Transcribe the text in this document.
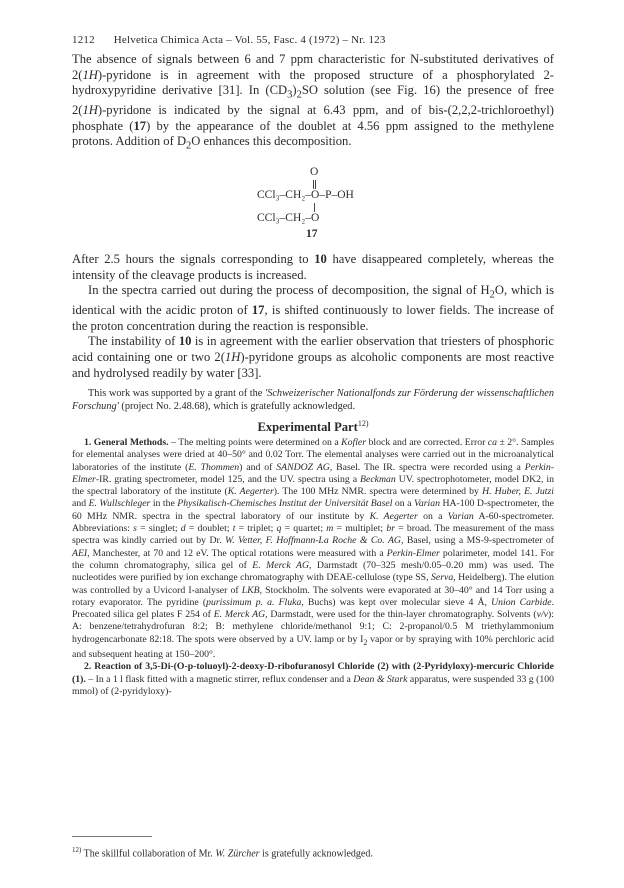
1212 Helvetica Chimica Acta – Vol. 55, Fasc. 4 (1972) – Nr. 123

The absence of signals between 6 and 7 ppm characteristic for N-substituted derivatives of 2(1H)-pyridone is in agreement with the proposed structure of a phosphorylated 2-hydroxypyridine derivative [31]. In $(CD_3)_2SO$ solution (see Fig. 16) the presence of free 2(1H)-pyridone is indicated by the signal at 6.43 ppm, and of bis-(2,2,2-trichloroethyl) phosphate (17) by the appearance of the doublet at 4.56 ppm assigned to the methylene protons. Addition of $D_2O$ enhances this decomposition.

O
CCl₃–CH₂–O–P–OH
CCl₃–CH₂–O
17

After 2.5 hours the signals corresponding to 10 have disappeared completely, whereas the intensity of the cleavage products is increased.

In the spectra carried out during the process of decomposition, the signal of $H_2O$, which is identical with the acidic proton of 17, is shifted continuously to lower fields. The increase of the proton concentration during the reaction is responsible.

The instability of 10 is in agreement with the earlier observation that triesters of phosphoric acid containing one or two 2(1H)-pyridone groups as alcoholic components are most reactive and hydrolysed readily by water [33].

This work was supported by a grant of the 'Schweizerischer Nationalfonds zur Förderung der wissenschaftlichen Forschung' (project No. 2.48.68), which is gratefully acknowledged.

Experimental Part$^{12)}$

1. General Methods. – The melting points were determined on a Kofler block and are corrected. Error ca ± 2°. Samples for elemental analyses were dried at 40–50° and 0.02 Torr. The elemental analyses were carried out in the microanalytical laboratories of the institute (E. Thommen) and of SANDOZ AG, Basel. The IR. spectra were recorded using a Perkin-Elmer-IR. grating spectrometer, model 125, and the UV. spectra using a Beckman UV. spectrophotometer, model DK2, in the spectral laboratory of the institute (K. Aegerter). The 100 MHz NMR. spectra were determined by H. Huber, E. Jutzi and E. Wullschleger in the Physikalisch-Chemisches Institut der Universität Basel on a Varian HA-100 D-spectrometer, the 60 MHz NMR. spectra in the spectral laboratory of our institute by K. Aegerter on a Varian A-60-spectrometer. Abbreviations: s = singlet; d = doublet; t = triplet; q = quartet; m = multiplet; br = broad. The measurement of the mass spectra was kindly carried out by Dr. W. Vetter, F. Hoffmann-La Roche & Co. AG, Basel, using a MS-9-spectrometer of AEI, Manchester, at 70 and 12 eV. The optical rotations were measured with a Perkin-Elmer polarimeter, model 141. For the column chromatography, silica gel of E. Merck AG, Darmstadt (70–325 mesh/0.05–0.20 mm) was used. The nucleotides were purified by ion exchange chromatography with DEAE-cellulose (type SS, Serva, Heidelberg). The elution was controlled by a Uvicord I-analyser of LKB, Stockholm. The solvents were evaporated at 30–40° and 14 Torr using a rotary evaporator. The pyridine (purissimum p. a. Fluka, Buchs) was kept over molecular sieve 4 Å, Union Carbide. Precoated silica gel plates F 254 of E. Merck AG, Darmstadt, were used for the thin-layer chromatography. Solvents (v/v): A: benzene/tetrahydrofuran 8:2; B: methylene chloride/methanol 9:1; C: 2-propanol/0.5 M triethylammonium hydrogencarbonate 82:18. The spots were observed by a UV. lamp or by $I_2$ vapor or by spraying with 10% perchloric acid and subsequent heating at 150–200°.

2. Reaction of 3,5-Di-(O-p-toluoyl)-2-deoxy-D-ribofuranosyl Chloride (2) with (2-Pyridyloxy)-mercuric Chloride (1). – In a 1 l flask fitted with a magnetic stirrer, reflux condenser and a Dean & Stark apparatus, were suspended 33 g (100 mmol) of (2-pyridyloxy)-

$^{12)}$ The skillful collaboration of Mr. W. Zürcher is gratefully acknowledged.
